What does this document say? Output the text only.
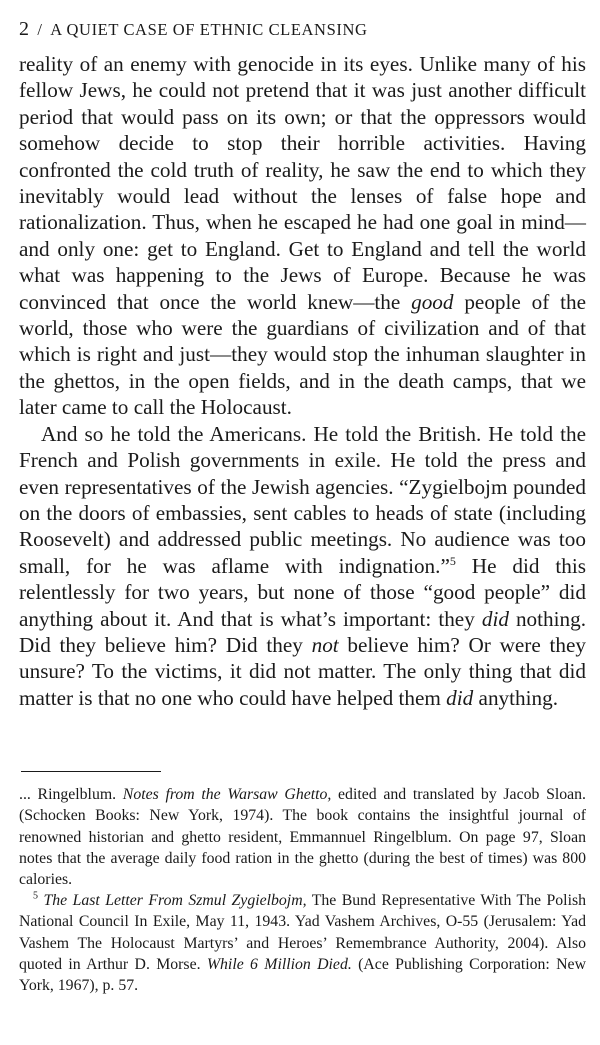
2 / A QUIET CASE OF ETHNIC CLEANSING

reality of an enemy with genocide in its eyes. Unlike many of his fellow Jews, he could not pretend that it was just another difficult period that would pass on its own; or that the oppressors would somehow decide to stop their horrible activities. Having confronted the cold truth of reality, he saw the end to which they inevitably would lead without the lenses of false hope and rationalization. Thus, when he escaped he had one goal in mind—and only one: get to England. Get to England and tell the world what was happening to the Jews of Europe. Because he was convinced that once the world knew—the good people of the world, those who were the guardians of civilization and of that which is right and just—they would stop the inhuman slaughter in the ghettos, in the open fields, and in the death camps, that we later came to call the Holocaust.

And so he told the Americans. He told the British. He told the French and Polish governments in exile. He told the press and even representatives of the Jewish agencies. “Zygielbojm pounded on the doors of embassies, sent cables to heads of state (including Roosevelt) and addressed public meetings. No audience was too small, for he was aflame with indignation.”$^5$ He did this relentlessly for two years, but none of those “good people” did anything about it. And that is what’s important: they did nothing. Did they believe him? Did they not believe him? Or were they unsure? To the victims, it did not matter. The only thing that did matter is that no one who could have helped them did anything.

... Ringelblum. Notes from the Warsaw Ghetto, edited and translated by Jacob Sloan. (Schocken Books: New York, 1974). The book contains the insightful journal of renowned historian and ghetto resident, Emmannuel Ringelblum. On page 97, Sloan notes that the average daily food ration in the ghetto (during the best of times) was 800 calories.

$^5$ The Last Letter From Szmul Zygielbojm, The Bund Representative With The Polish National Council In Exile, May 11, 1943. Yad Vashem Archives, O-55 (Jerusalem: Yad Vashem The Holocaust Martyrs’ and Heroes’ Remembrance Authority, 2004). Also quoted in Arthur D. Morse. While 6 Million Died. (Ace Publishing Corporation: New York, 1967), p. 57.
